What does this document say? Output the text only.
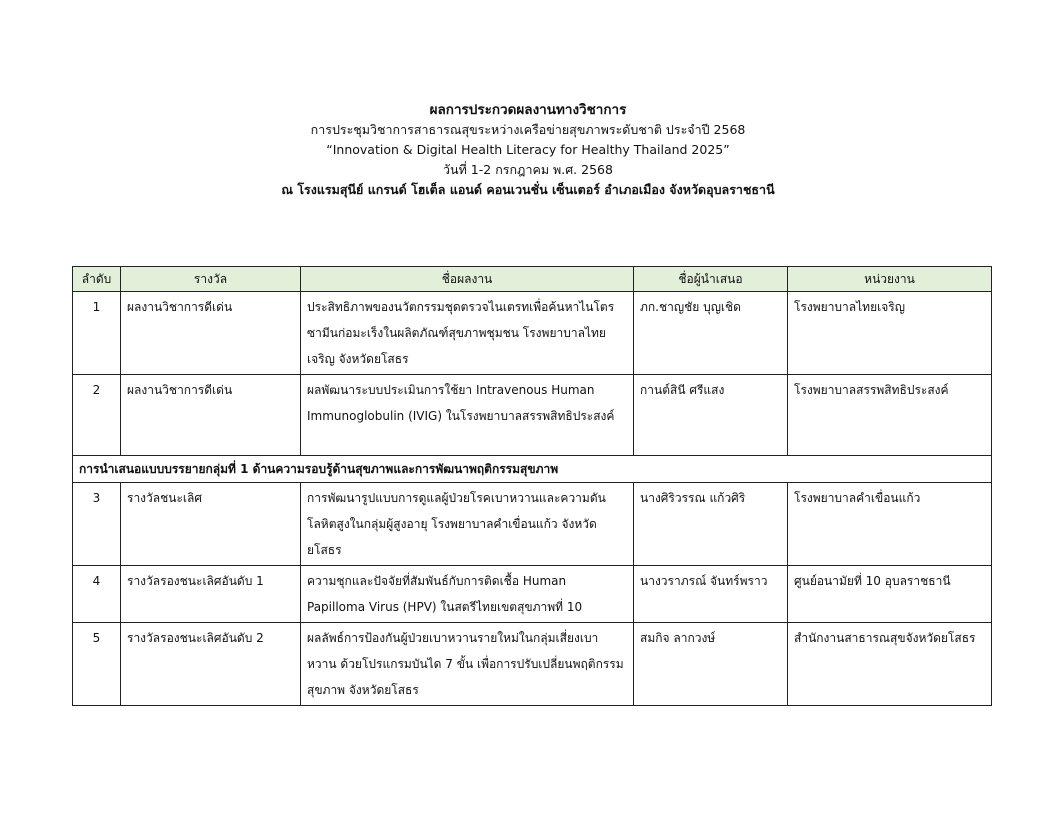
ผลการประกวดผลงานทางวิชาการ
การประชุมวิชาการสาธารณสุขระหว่างเครือข่ายสุขภาพระดับชาติ ประจำปี 2568
“Innovation & Digital Health Literacy for Healthy Thailand 2025”
วันที่ 1-2 กรกฎาคม พ.ศ. 2568
ณ โรงแรมสุนีย์ แกรนด์ โฮเต็ล แอนด์ คอนเวนชั่น เซ็นเตอร์ อำเภอเมือง จังหวัดอุบลราชธานี
ลำดับ	รางวัล	ชื่อผลงาน	ชื่อผู้นำเสนอ	หน่วยงาน
1	ผลงานวิชาการดีเด่น	ประสิทธิภาพของนวัตกรรมชุดตรวจไนเตรทเพื่อค้นหาไนโตรซามีนก่อมะเร็งในผลิตภัณฑ์สุขภาพชุมชน โรงพยาบาลไทยเจริญ จังหวัดยโสธร	ภก.ชาญชัย บุญเชิด	โรงพยาบาลไทยเจริญ
2	ผลงานวิชาการดีเด่น	ผลพัฒนาระบบประเมินการใช้ยา Intravenous Human Immunoglobulin (IVIG) ในโรงพยาบาลสรรพสิทธิประสงค์	กานต์สินี ศรีแสง	โรงพยาบาลสรรพสิทธิประสงค์
การนำเสนอแบบบรรยายกลุ่มที่ 1 ด้านความรอบรู้ด้านสุขภาพและการพัฒนาพฤติกรรมสุขภาพ				
3	รางวัลชนะเลิศ	การพัฒนารูปแบบการดูแลผู้ป่วยโรคเบาหวานและความดันโลหิตสูงในกลุ่มผู้สูงอายุ โรงพยาบาลคำเขื่อนแก้ว จังหวัดยโสธร	นางศิริวรรณ แก้วศิริ	โรงพยาบาลคำเขื่อนแก้ว
4	รางวัลรองชนะเลิศอันดับ 1	ความชุกและปัจจัยที่สัมพันธ์กับการติดเชื้อ Human Papilloma Virus (HPV) ในสตรีไทยเขตสุขภาพที่ 10	นางวราภรณ์ จันทร์พราว	ศูนย์อนามัยที่ 10 อุบลราชธานี
5	รางวัลรองชนะเลิศอันดับ 2	ผลลัพธ์การป้องกันผู้ป่วยเบาหวานรายใหม่ในกลุ่มเสี่ยงเบาหวาน ด้วยโปรแกรมบันได 7 ขั้น เพื่อการปรับเปลี่ยนพฤติกรรมสุขภาพ จังหวัดยโสธร	สมกิจ ลากวงษ์	สำนักงานสาธารณสุขจังหวัดยโสธร
